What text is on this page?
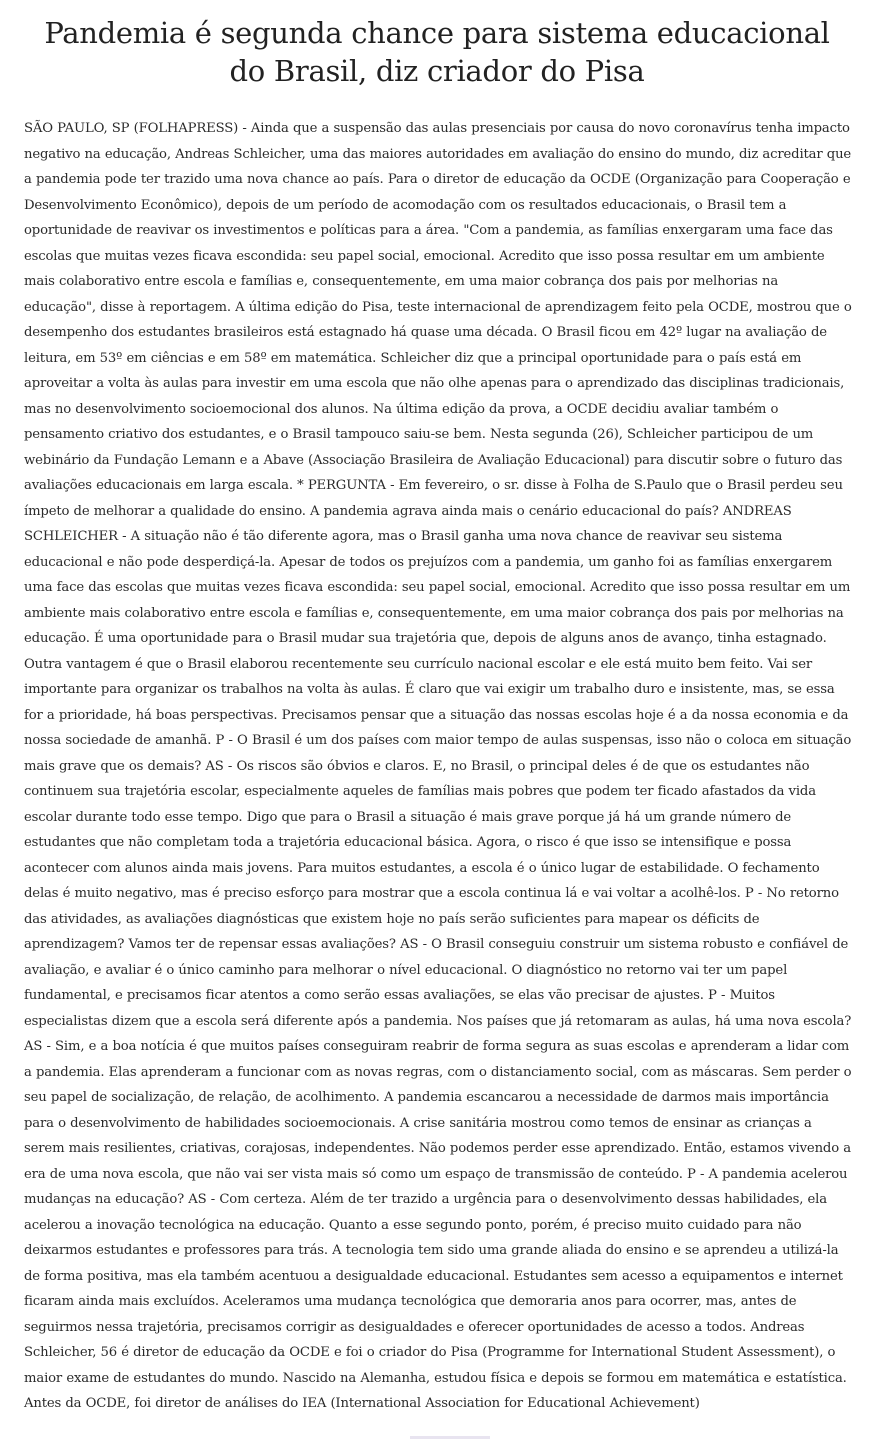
Pandemia é segunda chance para sistema educacional do Brasil, diz criador do Pisa

SÃO PAULO, SP (FOLHAPRESS) - Ainda que a suspensão das aulas presenciais por causa do novo coronavírus tenha impacto negativo na educação, Andreas Schleicher, uma das maiores autoridades em avaliação do ensino do mundo, diz acreditar que a pandemia pode ter trazido uma nova chance ao país. Para o diretor de educação da OCDE (Organização para Cooperação e Desenvolvimento Econômico), depois de um período de acomodação com os resultados educacionais, o Brasil tem a oportunidade de reavivar os investimentos e políticas para a área. "Com a pandemia, as famílias enxergaram uma face das escolas que muitas vezes ficava escondida: seu papel social, emocional. Acredito que isso possa resultar em um ambiente mais colaborativo entre escola e famílias e, consequentemente, em uma maior cobrança dos pais por melhorias na educação", disse à reportagem. A última edição do Pisa, teste internacional de aprendizagem feito pela OCDE, mostrou que o desempenho dos estudantes brasileiros está estagnado há quase uma década. O Brasil ficou em 42º lugar na avaliação de leitura, em 53º em ciências e em 58º em matemática. Schleicher diz que a principal oportunidade para o país está em aproveitar a volta às aulas para investir em uma escola que não olhe apenas para o aprendizado das disciplinas tradicionais, mas no desenvolvimento socioemocional dos alunos. Na última edição da prova, a OCDE decidiu avaliar também o pensamento criativo dos estudantes, e o Brasil tampouco saiu-se bem. Nesta segunda (26), Schleicher participou de um webinário da Fundação Lemann e a Abave (Associação Brasileira de Avaliação Educacional) para discutir sobre o futuro das avaliações educacionais em larga escala. * PERGUNTA - Em fevereiro, o sr. disse à Folha de S.Paulo que o Brasil perdeu seu ímpeto de melhorar a qualidade do ensino. A pandemia agrava ainda mais o cenário educacional do país? ANDREAS SCHLEICHER - A situação não é tão diferente agora, mas o Brasil ganha uma nova chance de reavivar seu sistema educacional e não pode desperdiçá-la. Apesar de todos os prejuízos com a pandemia, um ganho foi as famílias enxergarem uma face das escolas que muitas vezes ficava escondida: seu papel social, emocional. Acredito que isso possa resultar em um ambiente mais colaborativo entre escola e famílias e, consequentemente, em uma maior cobrança dos pais por melhorias na educação. É uma oportunidade para o Brasil mudar sua trajetória que, depois de alguns anos de avanço, tinha estagnado. Outra vantagem é que o Brasil elaborou recentemente seu currículo nacional escolar e ele está muito bem feito. Vai ser importante para organizar os trabalhos na volta às aulas. É claro que vai exigir um trabalho duro e insistente, mas, se essa for a prioridade, há boas perspectivas. Precisamos pensar que a situação das nossas escolas hoje é a da nossa economia e da nossa sociedade de amanhã. P - O Brasil é um dos países com maior tempo de aulas suspensas, isso não o coloca em situação mais grave que os demais? AS - Os riscos são óbvios e claros. E, no Brasil, o principal deles é de que os estudantes não continuem sua trajetória escolar, especialmente aqueles de famílias mais pobres que podem ter ficado afastados da vida escolar durante todo esse tempo. Digo que para o Brasil a situação é mais grave porque já há um grande número de estudantes que não completam toda a trajetória educacional básica. Agora, o risco é que isso se intensifique e possa acontecer com alunos ainda mais jovens. Para muitos estudantes, a escola é o único lugar de estabilidade. O fechamento delas é muito negativo, mas é preciso esforço para mostrar que a escola continua lá e vai voltar a acolhê-los. P - No retorno das atividades, as avaliações diagnósticas que existem hoje no país serão suficientes para mapear os déficits de aprendizagem? Vamos ter de repensar essas avaliações? AS - O Brasil conseguiu construir um sistema robusto e confiável de avaliação, e avaliar é o único caminho para melhorar o nível educacional. O diagnóstico no retorno vai ter um papel fundamental, e precisamos ficar atentos a como serão essas avaliações, se elas vão precisar de ajustes. P - Muitos especialistas dizem que a escola será diferente após a pandemia. Nos países que já retomaram as aulas, há uma nova escola? AS - Sim, e a boa notícia é que muitos países conseguiram reabrir de forma segura as suas escolas e aprenderam a lidar com a pandemia. Elas aprenderam a funcionar com as novas regras, com o distanciamento social, com as máscaras. Sem perder o seu papel de socialização, de relação, de acolhimento. A pandemia escancarou a necessidade de darmos mais importância para o desenvolvimento de habilidades socioemocionais. A crise sanitária mostrou como temos de ensinar as crianças a serem mais resilientes, criativas, corajosas, independentes. Não podemos perder esse aprendizado. Então, estamos vivendo a era de uma nova escola, que não vai ser vista mais só como um espaço de transmissão de conteúdo. P - A pandemia acelerou mudanças na educação? AS - Com certeza. Além de ter trazido a urgência para o desenvolvimento dessas habilidades, ela acelerou a inovação tecnológica na educação. Quanto a esse segundo ponto, porém, é preciso muito cuidado para não deixarmos estudantes e professores para trás. A tecnologia tem sido uma grande aliada do ensino e se aprendeu a utilizá-la de forma positiva, mas ela também acentuou a desigualdade educacional. Estudantes sem acesso a equipamentos e internet ficaram ainda mais excluídos. Aceleramos uma mudança tecnológica que demoraria anos para ocorrer, mas, antes de seguirmos nessa trajetória, precisamos corrigir as desigualdades e oferecer oportunidades de acesso a todos. Andreas Schleicher, 56 é diretor de educação da OCDE e foi o criador do Pisa (Programme for International Student Assessment), o maior exame de estudantes do mundo. Nascido na Alemanha, estudou física e depois se formou em matemática e estatística. Antes da OCDE, foi diretor de análises do IEA (International Association for Educational Achievement)
